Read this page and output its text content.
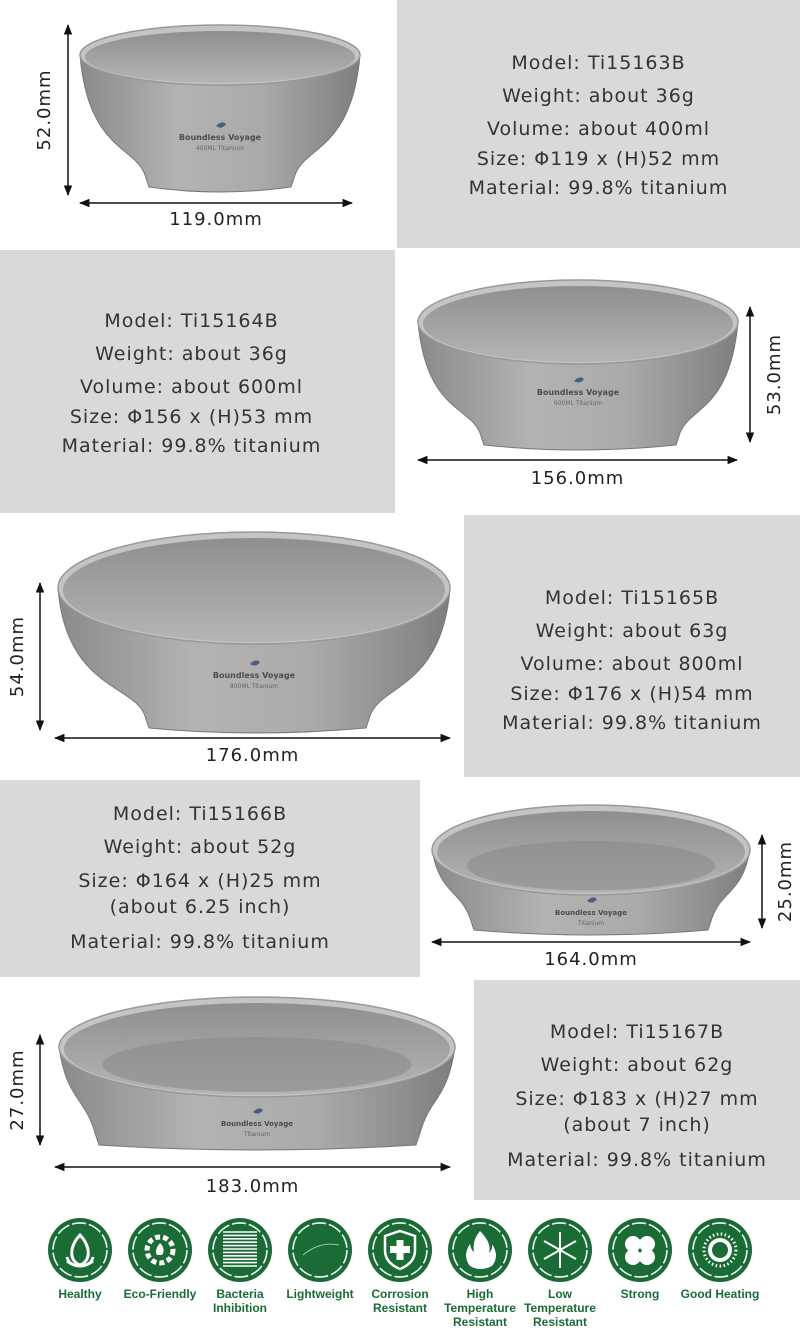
Model: Ti15163B
Weight: about 36g
Volume: about 400ml
Size: Φ119 x (H)52 mm
Material: 99.8% titanium
Model: Ti15164B
Weight: about 36g
Volume: about 600ml
Size: Φ156 x (H)53 mm
Material: 99.8% titanium
Model: Ti15165B
Weight: about 63g
Volume: about 800ml
Size: Φ176 x (H)54 mm
Material: 99.8% titanium
Model: Ti15166B
Weight: about 52g
Size: Φ164 x (H)25 mm
(about 6.25 inch)
Material: 99.8% titanium
Model: Ti15167B
Weight: about 62g
Size: Φ183 x (H)27 mm
(about 7 inch)
Material: 99.8% titanium
Boundless Voyage
400ML Titanium
52.0mm
119.0mm
Boundless Voyage
600ML Titanium	53.0mm
156.0mm
Boundless Voyage
800ML Titanium
54.0mm
176.0mm
Boundless Voyage
Titanium
25.0mm
164.0mm
Boundless Voyage
Titanium
27.0mm
183.0mm
Healthy Eco-Friendly	Bacteria Inhibition
Lightweight	Corrosion Resistant
High Temperature Resistant
Low Temperature Resistant
Strong Good Heating
